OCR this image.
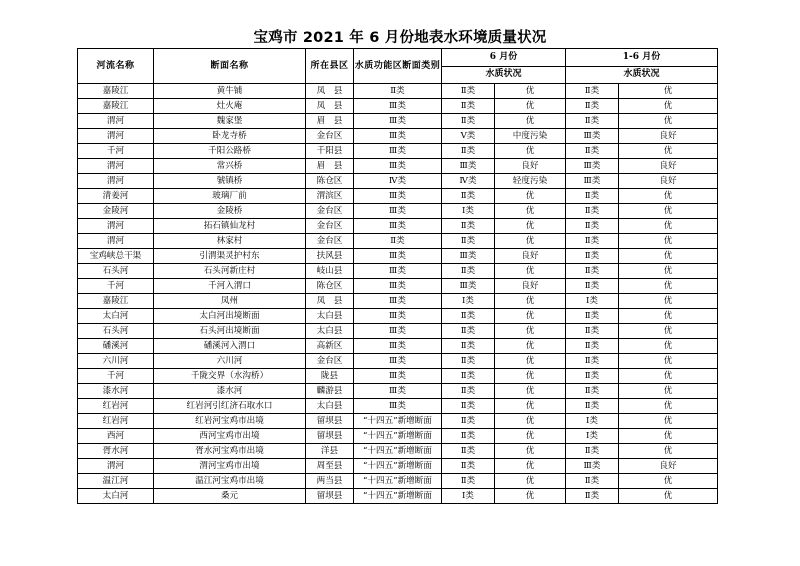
宝鸡市 2021 年 6 月份地表水环境质量状况
河流名称	断面名称	所在县区	水质功能区断面类别	6 月份		1-6 月份	
				水质状况		水质状况	
嘉陵江	黄牛铺	凤　县	Ⅱ类	Ⅱ类	优	Ⅱ类	优
嘉陵江	灶火庵	凤　县	Ⅲ类	Ⅱ类	优	Ⅱ类	优
渭河	魏家堡	眉　县	Ⅲ类	Ⅱ类	优	Ⅱ类	优
渭河	卧龙寺桥	金台区	Ⅲ类	Ⅴ类	中度污染	Ⅲ类	良好
千河	千阳公路桥	千阳县	Ⅲ类	Ⅱ类	优	Ⅱ类	优
渭河	常兴桥	眉　县	Ⅲ类	Ⅲ类	良好	Ⅲ类	良好
渭河	虢镇桥	陈仓区	Ⅳ类	Ⅳ类	轻度污染	Ⅲ类	良好
清姜河	玻璃厂前	渭滨区	Ⅲ类	Ⅱ类	优	Ⅱ类	优
金陵河	金陵桥	金台区	Ⅲ类	Ⅰ类	优	Ⅱ类	优
渭河	拓石镇仙龙村	金台区	Ⅲ类	Ⅱ类	优	Ⅱ类	优
渭河	林家村	金台区	Ⅱ类	Ⅱ类	优	Ⅱ类	优
宝鸡峡总干渠	引渭渠灵护村东	扶风县	Ⅲ类	Ⅲ类	良好	Ⅱ类	优
石头河	石头河新庄村	岐山县	Ⅲ类	Ⅱ类	优	Ⅱ类	优
千河	千河入渭口	陈仓区	Ⅲ类	Ⅲ类	良好	Ⅱ类	优
嘉陵江	凤州	凤　县	Ⅲ类	Ⅰ类	优	Ⅰ类	优
太白河	太白河出境断面	太白县	Ⅲ类	Ⅱ类	优	Ⅱ类	优
石头河	石头河出境断面	太白县	Ⅲ类	Ⅱ类	优	Ⅱ类	优
磻溪河	磻溪河入渭口	高新区	Ⅲ类	Ⅱ类	优	Ⅱ类	优
六川河	六川河	金台区	Ⅲ类	Ⅱ类	优	Ⅱ类	优
千河	千陇交界（水沟桥）	陇县	Ⅲ类	Ⅱ类	优	Ⅱ类	优
漆水河	漆水河	麟游县	Ⅲ类	Ⅱ类	优	Ⅱ类	优
红岩河	红岩河引红济石取水口	太白县	Ⅲ类	Ⅱ类	优	Ⅱ类	优
红岩河	红岩河宝鸡市出境	留坝县	“十四五”新增断面	Ⅱ类	优	Ⅰ类	优
西河	西河宝鸡市出境	留坝县	“十四五”新增断面	Ⅱ类	优	Ⅰ类	优
胥水河	胥水河宝鸡市出境	洋县	“十四五”新增断面	Ⅱ类	优	Ⅱ类	优
渭河	渭河宝鸡市出境	周至县	“十四五”新增断面	Ⅱ类	优	Ⅲ类	良好
温江河	温江河宝鸡市出境	两当县	“十四五”新增断面	Ⅱ类	优	Ⅱ类	优
太白河	桑元	留坝县	“十四五”新增断面	Ⅰ类	优	Ⅱ类	优
